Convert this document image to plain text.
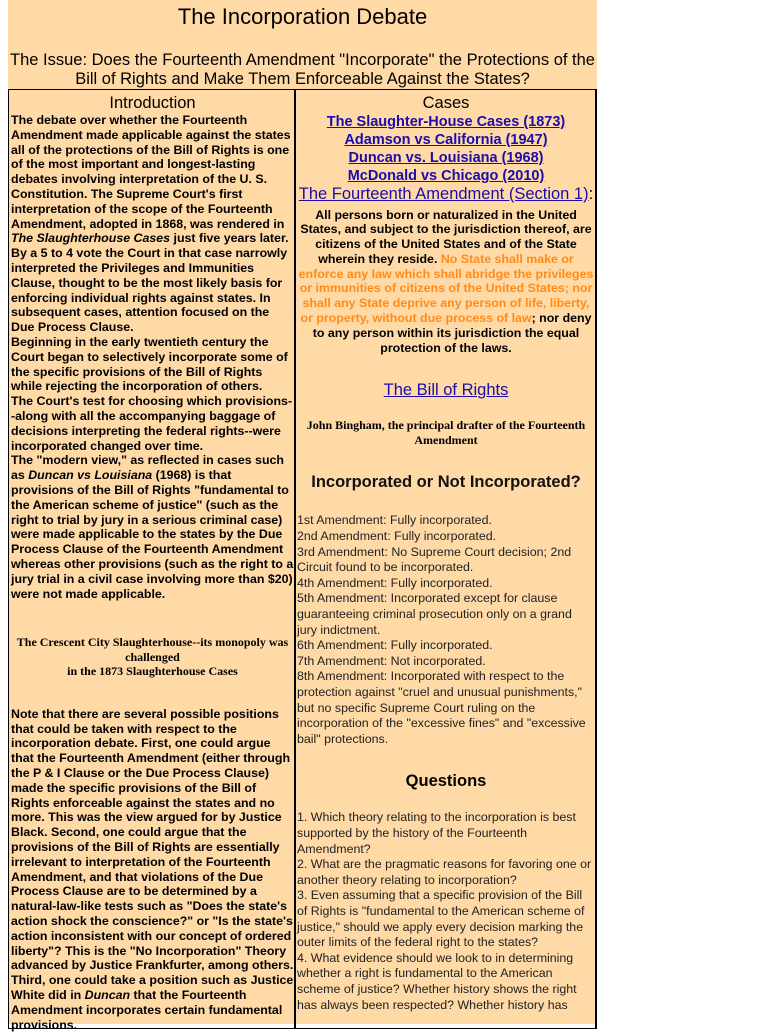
The Incorporation Debate
The Issue: Does the Fourteenth Amendment "Incorporate" the Protections of the Bill of Rights and Make Them Enforceable Against the States?
Introduction

The debate over whether the Fourteenth Amendment made applicable against the states all of the protections of the Bill of Rights is one of the most important and longest-lasting debates involving interpretation of the U. S. Constitution. The Supreme Court's first interpretation of the scope of the Fourteenth Amendment, adopted in 1868, was rendered in The Slaughterhouse Cases just five years later. By a 5 to 4 vote the Court in that case narrowly interpreted the Privileges and Immunities Clause, thought to be the most likely basis for enforcing individual rights against states. In subsequent cases, attention focused on the Due Process Clause.

Beginning in the early twentieth century the Court began to selectively incorporate some of the specific provisions of the Bill of Rights while rejecting the incorporation of others.

The Court's test for choosing which provisions--along with all the accompanying baggage of decisions interpreting the federal rights--were incorporated changed over time.

The "modern view," as reflected in cases such as Duncan vs Louisiana (1968) is that provisions of the Bill of Rights "fundamental to the American scheme of justice" (such as the right to trial by jury in a serious criminal case) were made applicable to the states by the Due Process Clause of the Fourteenth Amendment whereas other provisions (such as the right to a jury trial in a civil case involving more than $20) were not made applicable.

The Crescent City Slaughterhouse--its monopoly was challenged
in the 1873 Slaughterhouse Cases

Note that there are several possible positions that could be taken with respect to the incorporation debate. First, one could argue that the Fourteenth Amendment (either through the P & I Clause or the Due Process Clause) made the specific provisions of the Bill of Rights enforceable against the states and no more. This was the view argued for by Justice Black. Second, one could argue that the provisions of the Bill of Rights are essentially irrelevant to interpretation of the Fourteenth Amendment, and that violations of the Due Process Clause are to be determined by a natural-law-like tests such as "Does the state's action shock the conscience?" or "Is the state's action inconsistent with our concept of ordered liberty"? This is the "No Incorporation" Theory advanced by Justice Frankfurter, among others. Third, one could take a position such as Justice White did in Duncan that the Fourteenth Amendment incorporates certain fundamental provisions.

Cases
The Slaughter-House Cases (1873)
Adamson vs California (1947)
Duncan vs. Louisiana (1968)
McDonald vs Chicago (2010)
The Fourteenth Amendment (Section 1):

All persons born or naturalized in the United States, and subject to the jurisdiction thereof, are citizens of the United States and of the State wherein they reside. No State shall make or enforce any law which shall abridge the privileges or immunities of citizens of the United States; nor shall any State deprive any person of life, liberty, or property, without due process of law; nor deny to any person within its jurisdiction the equal protection of the laws.

The Bill of Rights
John Bingham, the principal drafter of the Fourteenth Amendment
Incorporated or Not Incorporated?
1st Amendment: Fully incorporated.
2nd Amendment: Fully incorporated.
3rd Amendment: No Supreme Court decision; 2nd Circuit found to be incorporated.
4th Amendment: Fully incorporated.
5th Amendment: Incorporated except for clause guaranteeing criminal prosecution only on a grand jury indictment.
6th Amendment: Fully incorporated.
7th Amendment: Not incorporated.
8th Amendment: Incorporated with respect to the protection against "cruel and unusual punishments," but no specific Supreme Court ruling on the incorporation of the "excessive fines" and "excessive bail" protections.
Questions
1. Which theory relating to the incorporation is best supported by the history of the Fourteenth Amendment?
2. What are the pragmatic reasons for favoring one or another theory relating to incorporation?
3. Even assuming that a specific provision of the Bill of Rights is "fundamental to the American scheme of justice," should we apply every decision marking the outer limits of the federal right to the states?
4. What evidence should we look to in determining whether a right is fundamental to the American scheme of justice? Whether history shows the right has always been respected? Whether history has
